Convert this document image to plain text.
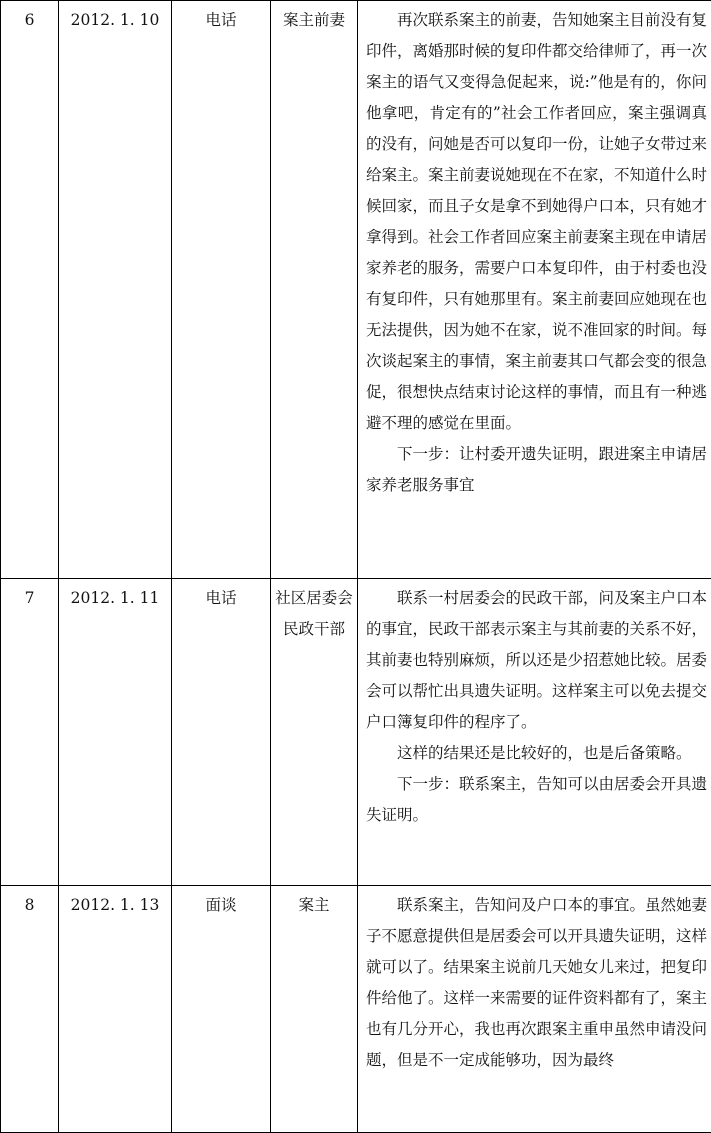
6	2012. 1. 10	电话	案主前妻	再次联系案主的前妻，告知她案主目前没有复印件，离婚那时候的复印件都交给律师了，再一次案主的语气又变得急促起来，说:”他是有的，你问他拿吧，肯定有的”社会工作者回应，案主强调真的没有，问她是否可以复印一份，让她子女带过来给案主。案主前妻说她现在不在家，不知道什么时候回家，而且子女是拿不到她得户口本，只有她才拿得到。社会工作者回应案主前妻案主现在申请居家养老的服务，需要户口本复印件，由于村委也没有复印件，只有她那里有。案主前妻回应她现在也无法提供，因为她不在家，说不准回家的时间。每次谈起案主的事情，案主前妻其口气都会变的很急促，很想快点结束讨论这样的事情，而且有一种逃避不理的感觉在里面。

下一步：让村委开遗失证明，跟进案主申请居家养老服务事宜

7	2012. 1. 11	电话	社区居委会民政干部	联系一村居委会的民政干部，问及案主户口本的事宜，民政干部表示案主与其前妻的关系不好，其前妻也特别麻烦，所以还是少招惹她比较。居委会可以帮忙出具遗失证明。这样案主可以免去提交户口簿复印件的程序了。

这样的结果还是比较好的，也是后备策略。

下一步：联系案主，告知可以由居委会开具遗失证明。

8	2012. 1. 13	面谈	案主	联系案主，告知问及户口本的事宜。虽然她妻子不愿意提供但是居委会可以开具遗失证明，这样就可以了。结果案主说前几天她女儿来过，把复印件给他了。这样一来需要的证件资料都有了，案主也有几分开心，我也再次跟案主重申虽然申请没问题，但是不一定成能够功，因为最终
